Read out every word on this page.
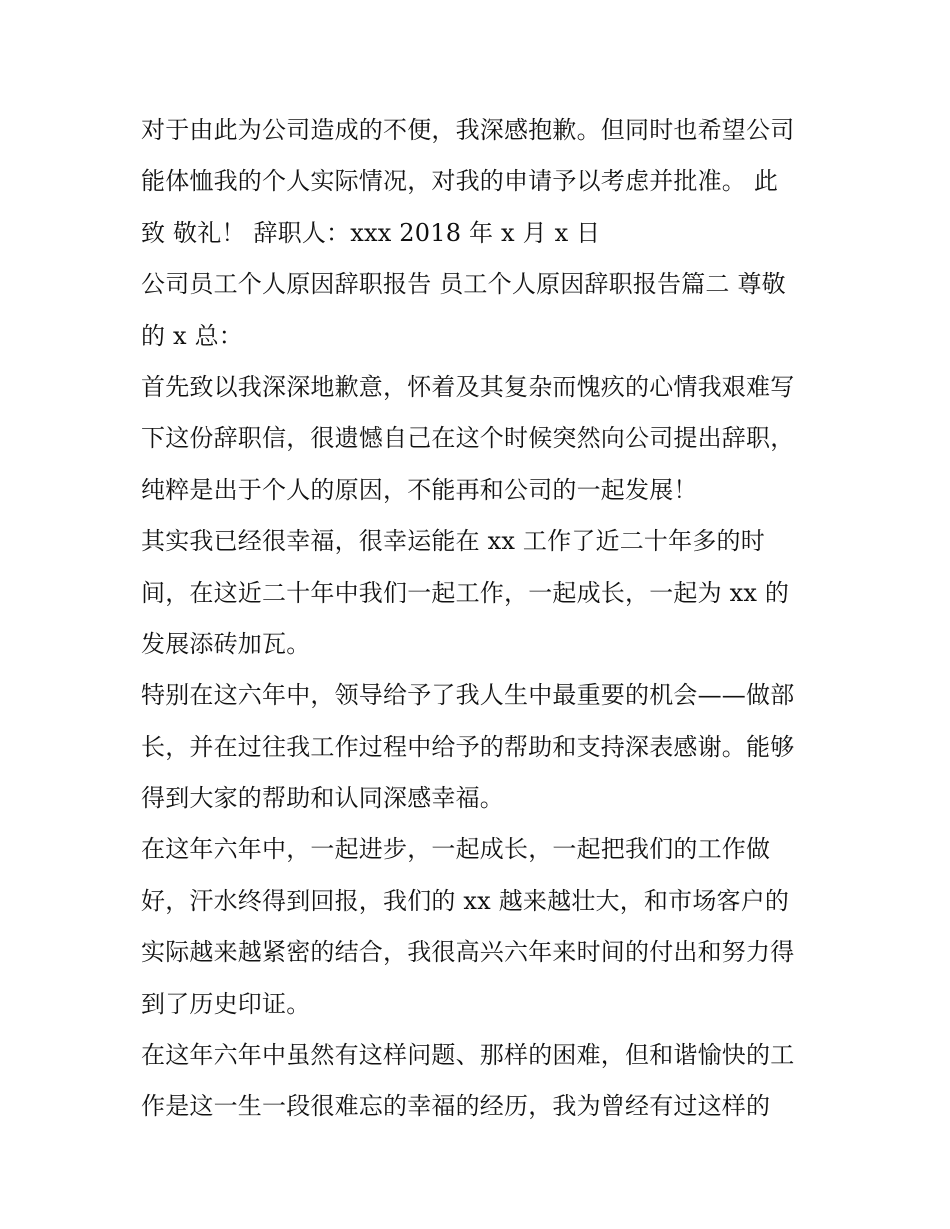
对于由此为公司造成的不便，我深感抱歉。但同时也希望公司
能体恤我的个人实际情况，对我的申请予以考虑并批准。 此
致 敬礼！ 辞职人：xxx 2018 年 x 月 x 日
公司员工个人原因辞职报告 员工个人原因辞职报告篇二 尊敬
的 x 总：
首先致以我深深地歉意，怀着及其复杂而愧疚的心情我艰难写
下这份辞职信，很遗憾自己在这个时候突然向公司提出辞职，
纯粹是出于个人的原因，不能再和公司的一起发展！
其实我已经很幸福，很幸运能在 xx 工作了近二十年多的时
间，在这近二十年中我们一起工作，一起成长，一起为 xx 的
发展添砖加瓦。
特别在这六年中，领导给予了我人生中最重要的机会——做部
长，并在过往我工作过程中给予的帮助和支持深表感谢。能够
得到大家的帮助和认同深感幸福。
在这年六年中，一起进步，一起成长，一起把我们的工作做
好，汗水终得到回报，我们的 xx 越来越壮大，和市场客户的
实际越来越紧密的结合，我很高兴六年来时间的付出和努力得
到了历史印证。
在这年六年中虽然有这样问题、那样的困难，但和谐愉快的工
作是这一生一段很难忘的幸福的经历，我为曾经有过这样的
